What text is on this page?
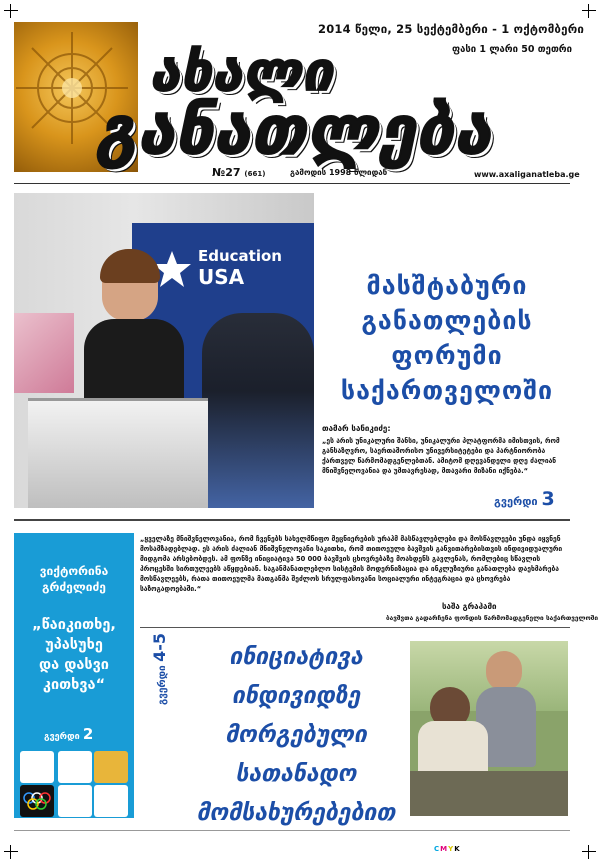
2014 წელი, 25 სექტემბერი - 1 ოქტომბერი
ფასი 1 ლარი 50 თეთრი
ახალი
განათლება
№27 (661)	გამოდის 1998 წლიდან	www.axaliganatleba.ge
Education
USA	მასშტაბური
განათლების
ფორუმი
საქართველოში
თამარ სანიკიძე:
„ეს არის უნიკალური შანსი, უნიკალური პლატფორმა იმისთვის, რომ განსაზღვრო, საერთაშორისო უნივერსიტეტები და პარტნიორობა ქართველ წარმომადგენლებთან. ამიტომ დღევანდელი დღე ძალიან მნიშვნელოვანია და უმთავრესად, მთავარი მიზანი იქნება.“
გვერდი 3
ვიქტორინა
გრძელიძე
„წაიკითხე,
უპასუხე
და დასვი
კითხვა“
გვერდი 2
„ყველაზე მნიშვნელოვანია, რომ ჩვენებს სახელმწიფო მეცნიერების ურაჰმ მასწავლებლები და მოსწავლეები უნდა იყვნენ მოსამზადებლად. ეს არის ძალიან მნიშვნელოვანი საკითხი, რომ თითოეული ბავშვის განვითარებისთვის ინდივიდუალური მიდგომა არსებობდეს. ამ ფონზე ინიციატივა 50 000 ბავშვის ცხოვრებაზე მოახდენს გავლენას, რომლებიც სწავლის პროცესში სირთულეებს აწყდებიან. საგანმანათლებლო სისტემის მოდერნიზაცია და ინკლუზიური განათლება დაეხმარება მოსწავლეებს, რათა თითოეულმა მათგანმა შეძლოს სრულფასოვანი სოციალური ინტეგრაცია და ცხოვრება საზოგადოებაში.“
საშა გრაჰამი
ბავშვთა გადარჩენა ფონდის წარმომადგენელი საქართველოში
გვერდი 4-5	ინიციატივა
ინდივიდზე
მორგებული
სათანადო
მომსახურებებით
CMYK
